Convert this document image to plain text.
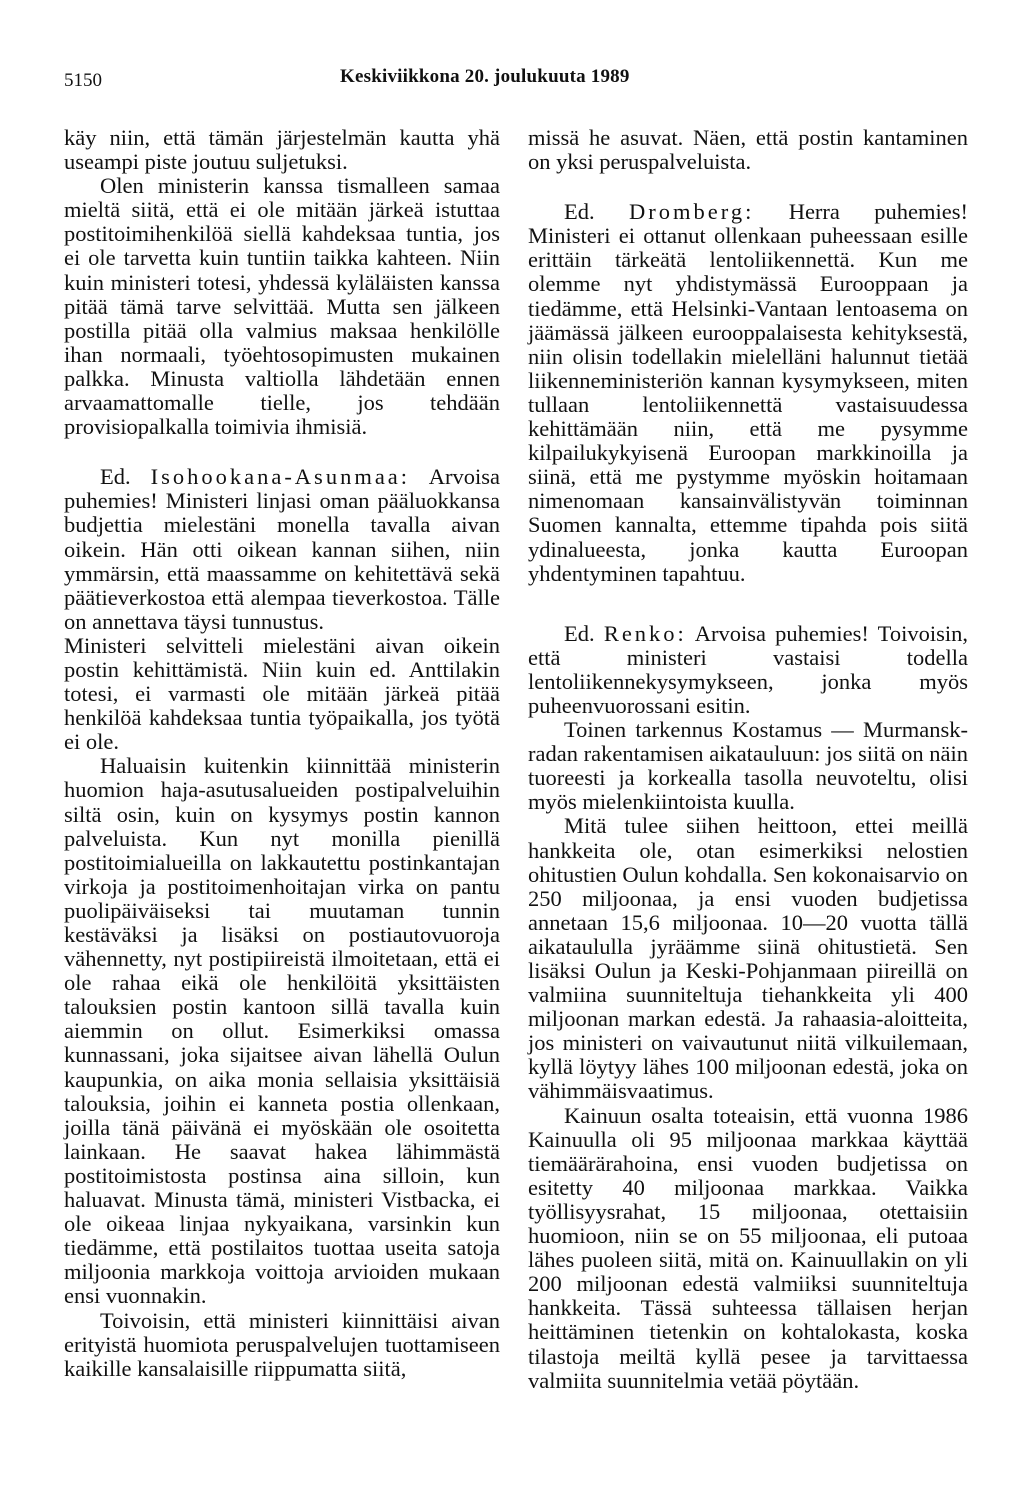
5150	Keskiviikkona 20. joulukuuta 1989

käy niin, että tämän järjestelmän kautta yhä useampi piste joutuu suljetuksi.

Olen ministerin kanssa tismalleen samaa mieltä siitä, että ei ole mitään järkeä istuttaa postitoimihenkilöä siellä kahdeksaa tuntia, jos ei ole tarvetta kuin tuntiin taikka kahteen. Niin kuin ministeri totesi, yhdessä kyläläisten kanssa pitää tämä tarve selvittää. Mutta sen jälkeen postilla pitää olla valmius maksaa henkilölle ihan normaali, työehtosopimusten mukainen palkka. Minusta valtiolla lähdetään ennen arvaamattomalle tielle, jos tehdään provisiopalkalla toimivia ihmisiä.

Ed. Isohookana-Asunmaa: Arvoisa puhemies! Ministeri linjasi oman pääluokkansa budjettia mielestäni monella tavalla aivan oikein. Hän otti oikean kannan siihen, niin ymmärsin, että maassamme on kehitettävä sekä päätieverkostoa että alempaa tieverkostoa. Tälle on annettava täysi tunnustus.

Ministeri selvitteli mielestäni aivan oikein postin kehittämistä. Niin kuin ed. Anttilakin totesi, ei varmasti ole mitään järkeä pitää henkilöä kahdeksaa tuntia työpaikalla, jos työtä ei ole.

Haluaisin kuitenkin kiinnittää ministerin huomion haja-asutusalueiden postipalveluihin siltä osin, kuin on kysymys postin kannon palveluista. Kun nyt monilla pienillä postitoimialueilla on lakkautettu postinkantajan virkoja ja postitoimenhoitajan virka on pantu puolipäiväiseksi tai muutaman tunnin kestäväksi ja lisäksi on postiautovuoroja vähennetty, nyt postipiireistä ilmoitetaan, että ei ole rahaa eikä ole henkilöitä yksittäisten talouksien postin kantoon sillä tavalla kuin aiemmin on ollut. Esimerkiksi omassa kunnassani, joka sijaitsee aivan lähellä Oulun kaupunkia, on aika monia sellaisia yksittäisiä talouksia, joihin ei kanneta postia ollenkaan, joilla tänä päivänä ei myöskään ole osoitetta lainkaan. He saavat hakea lähimmästä postitoimistosta postinsa aina silloin, kun haluavat. Minusta tämä, ministeri Vistbacka, ei ole oikeaa linjaa nykyaikana, varsinkin kun tiedämme, että postilaitos tuottaa useita satoja miljoonia markkoja voittoja arvioiden mukaan ensi vuonnakin.

Toivoisin, että ministeri kiinnittäisi aivan erityistä huomiota peruspalvelujen tuottamiseen kaikille kansalaisille riippumatta siitä,

missä he asuvat. Näen, että postin kantaminen on yksi peruspalveluista.

Ed. Dromberg: Herra puhemies! Ministeri ei ottanut ollenkaan puheessaan esille erittäin tärkeätä lentoliikennettä. Kun me olemme nyt yhdistymässä Eurooppaan ja tiedämme, että Helsinki-Vantaan lentoasema on jäämässä jälkeen eurooppalaisesta kehityksestä, niin olisin todellakin mielelläni halunnut tietää liikenneministeriön kannan kysymykseen, miten tullaan lentoliikennettä vastaisuudessa kehittämään niin, että me pysymme kilpailukykyisenä Euroopan markkinoilla ja siinä, että me pystymme myöskin hoitamaan nimenomaan kansainvälistyvän toiminnan Suomen kannalta, ettemme tipahda pois siitä ydinalueesta, jonka kautta Euroopan yhdentyminen tapahtuu.

Ed. Renko: Arvoisa puhemies! Toivoisin, että ministeri vastaisi todella lentoliikennekysymykseen, jonka myös puheenvuorossani esitin.

Toinen tarkennus Kostamus — Murmansk-radan rakentamisen aikatauluun: jos siitä on näin tuoreesti ja korkealla tasolla neuvoteltu, olisi myös mielenkiintoista kuulla.

Mitä tulee siihen heittoon, ettei meillä hankkeita ole, otan esimerkiksi nelostien ohitustien Oulun kohdalla. Sen kokonaisarvio on 250 miljoonaa, ja ensi vuoden budjetissa annetaan 15,6 miljoonaa. 10—20 vuotta tällä aikataululla jyräämme siinä ohitustietä. Sen lisäksi Oulun ja Keski-Pohjanmaan piireillä on valmiina suunniteltuja tiehankkeita yli 400 miljoonan markan edestä. Ja rahaasia-aloitteita, jos ministeri on vaivautunut niitä vilkuilemaan, kyllä löytyy lähes 100 miljoonan edestä, joka on vähimmäisvaatimus.

Kainuun osalta toteaisin, että vuonna 1986 Kainuulla oli 95 miljoonaa markkaa käyttää tiemäärärahoina, ensi vuoden budjetissa on esitetty 40 miljoonaa markkaa. Vaikka työllisyysrahat, 15 miljoonaa, otettaisiin huomioon, niin se on 55 miljoonaa, eli putoaa lähes puoleen siitä, mitä on. Kainuullakin on yli 200 miljoonan edestä valmiiksi suunniteltuja hankkeita. Tässä suhteessa tällaisen herjan heittäminen tietenkin on kohtalokasta, koska tilastoja meiltä kyllä pesee ja tarvittaessa valmiita suunnitelmia vetää pöytään.
